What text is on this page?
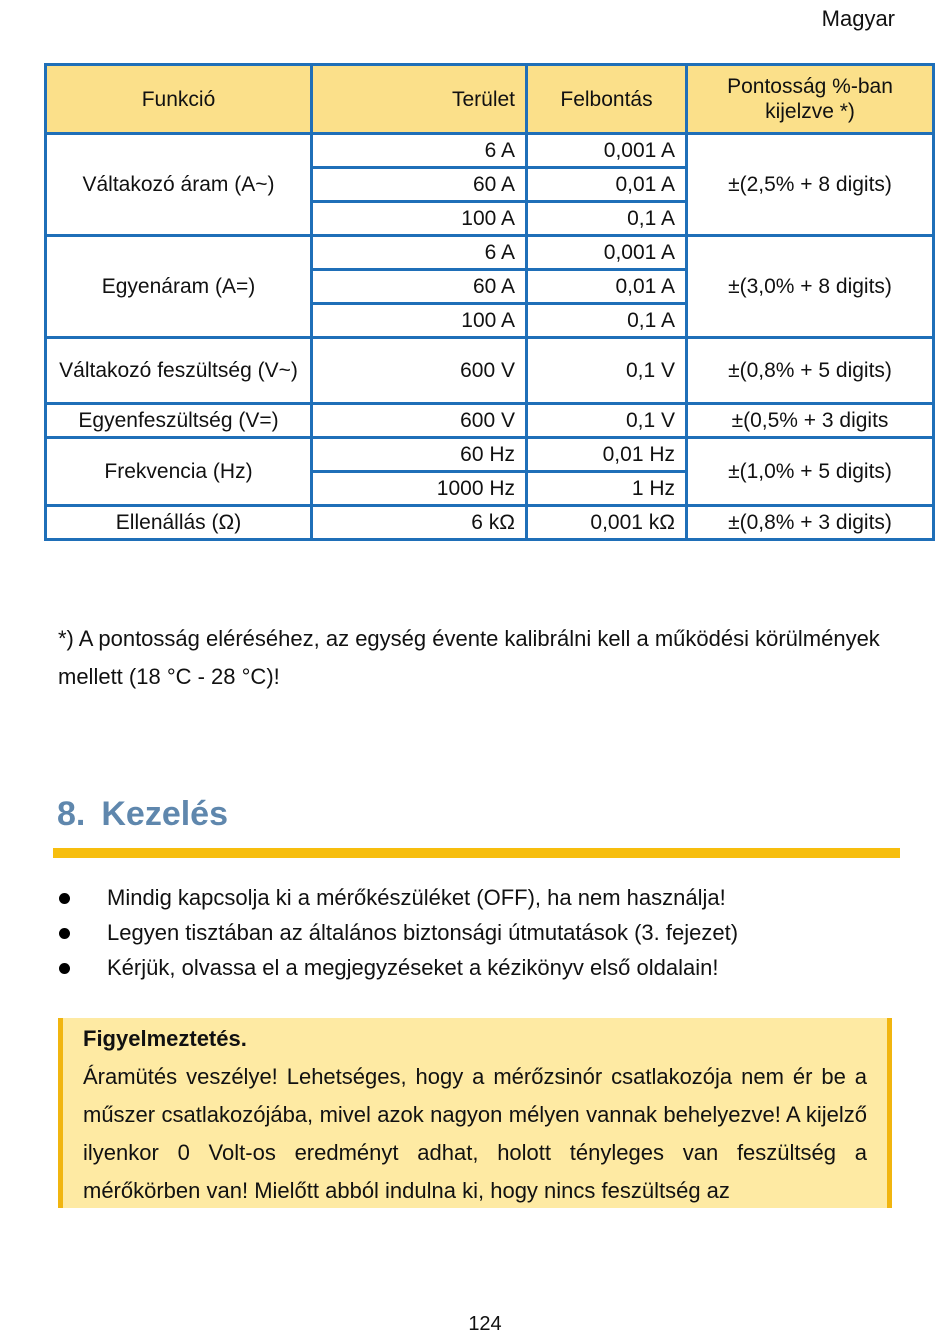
Magyar
Funkció	Terület	Felbontás	Pontosság %-ban kijelzve *)
Váltakozó áram (A~)	6 A	0,001 A	±(2,5% + 8 digits)
	60 A	0,01 A	
	100 A	0,1 A	
Egyenáram (A=)	6 A	0,001 A	±(3,0% + 8 digits)
	60 A	0,01 A	
	100 A	0,1 A	
Váltakozó feszültség (V~)	600 V	0,1 V	±(0,8% + 5 digits)
Egyenfeszültség (V=)	600 V	0,1 V	±(0,5% + 3 digits
Frekvencia (Hz)	60 Hz	0,01 Hz	±(1,0% + 5 digits)
	1000 Hz	1 Hz	
Ellenállás (Ω)	6 kΩ	0,001 kΩ	±(0,8% + 3 digits)
*) A pontosság eléréséhez, az egység évente kalibrálni kell a működési körülmények mellett (18 °C - 28 °C)!
8. Kezelés
Mindig kapcsolja ki a mérőkészüléket (OFF), ha nem használja!
Legyen tisztában az általános biztonsági útmutatások (3. fejezet)
Kérjük, olvassa el a megjegyzéseket a kézikönyv első oldalain!
Figyelmeztetés.
Áramütés veszélye! Lehetséges, hogy a mérőzsinór csatlakozója nem ér be a műszer csatlakozójába, mivel azok nagyon mélyen vannak behelyezve! A kijelző ilyenkor 0 Volt-os eredményt adhat, holott tényleges van feszültség a mérőkörben van! Mielőtt abból indulna ki, hogy nincs feszültség az
124
